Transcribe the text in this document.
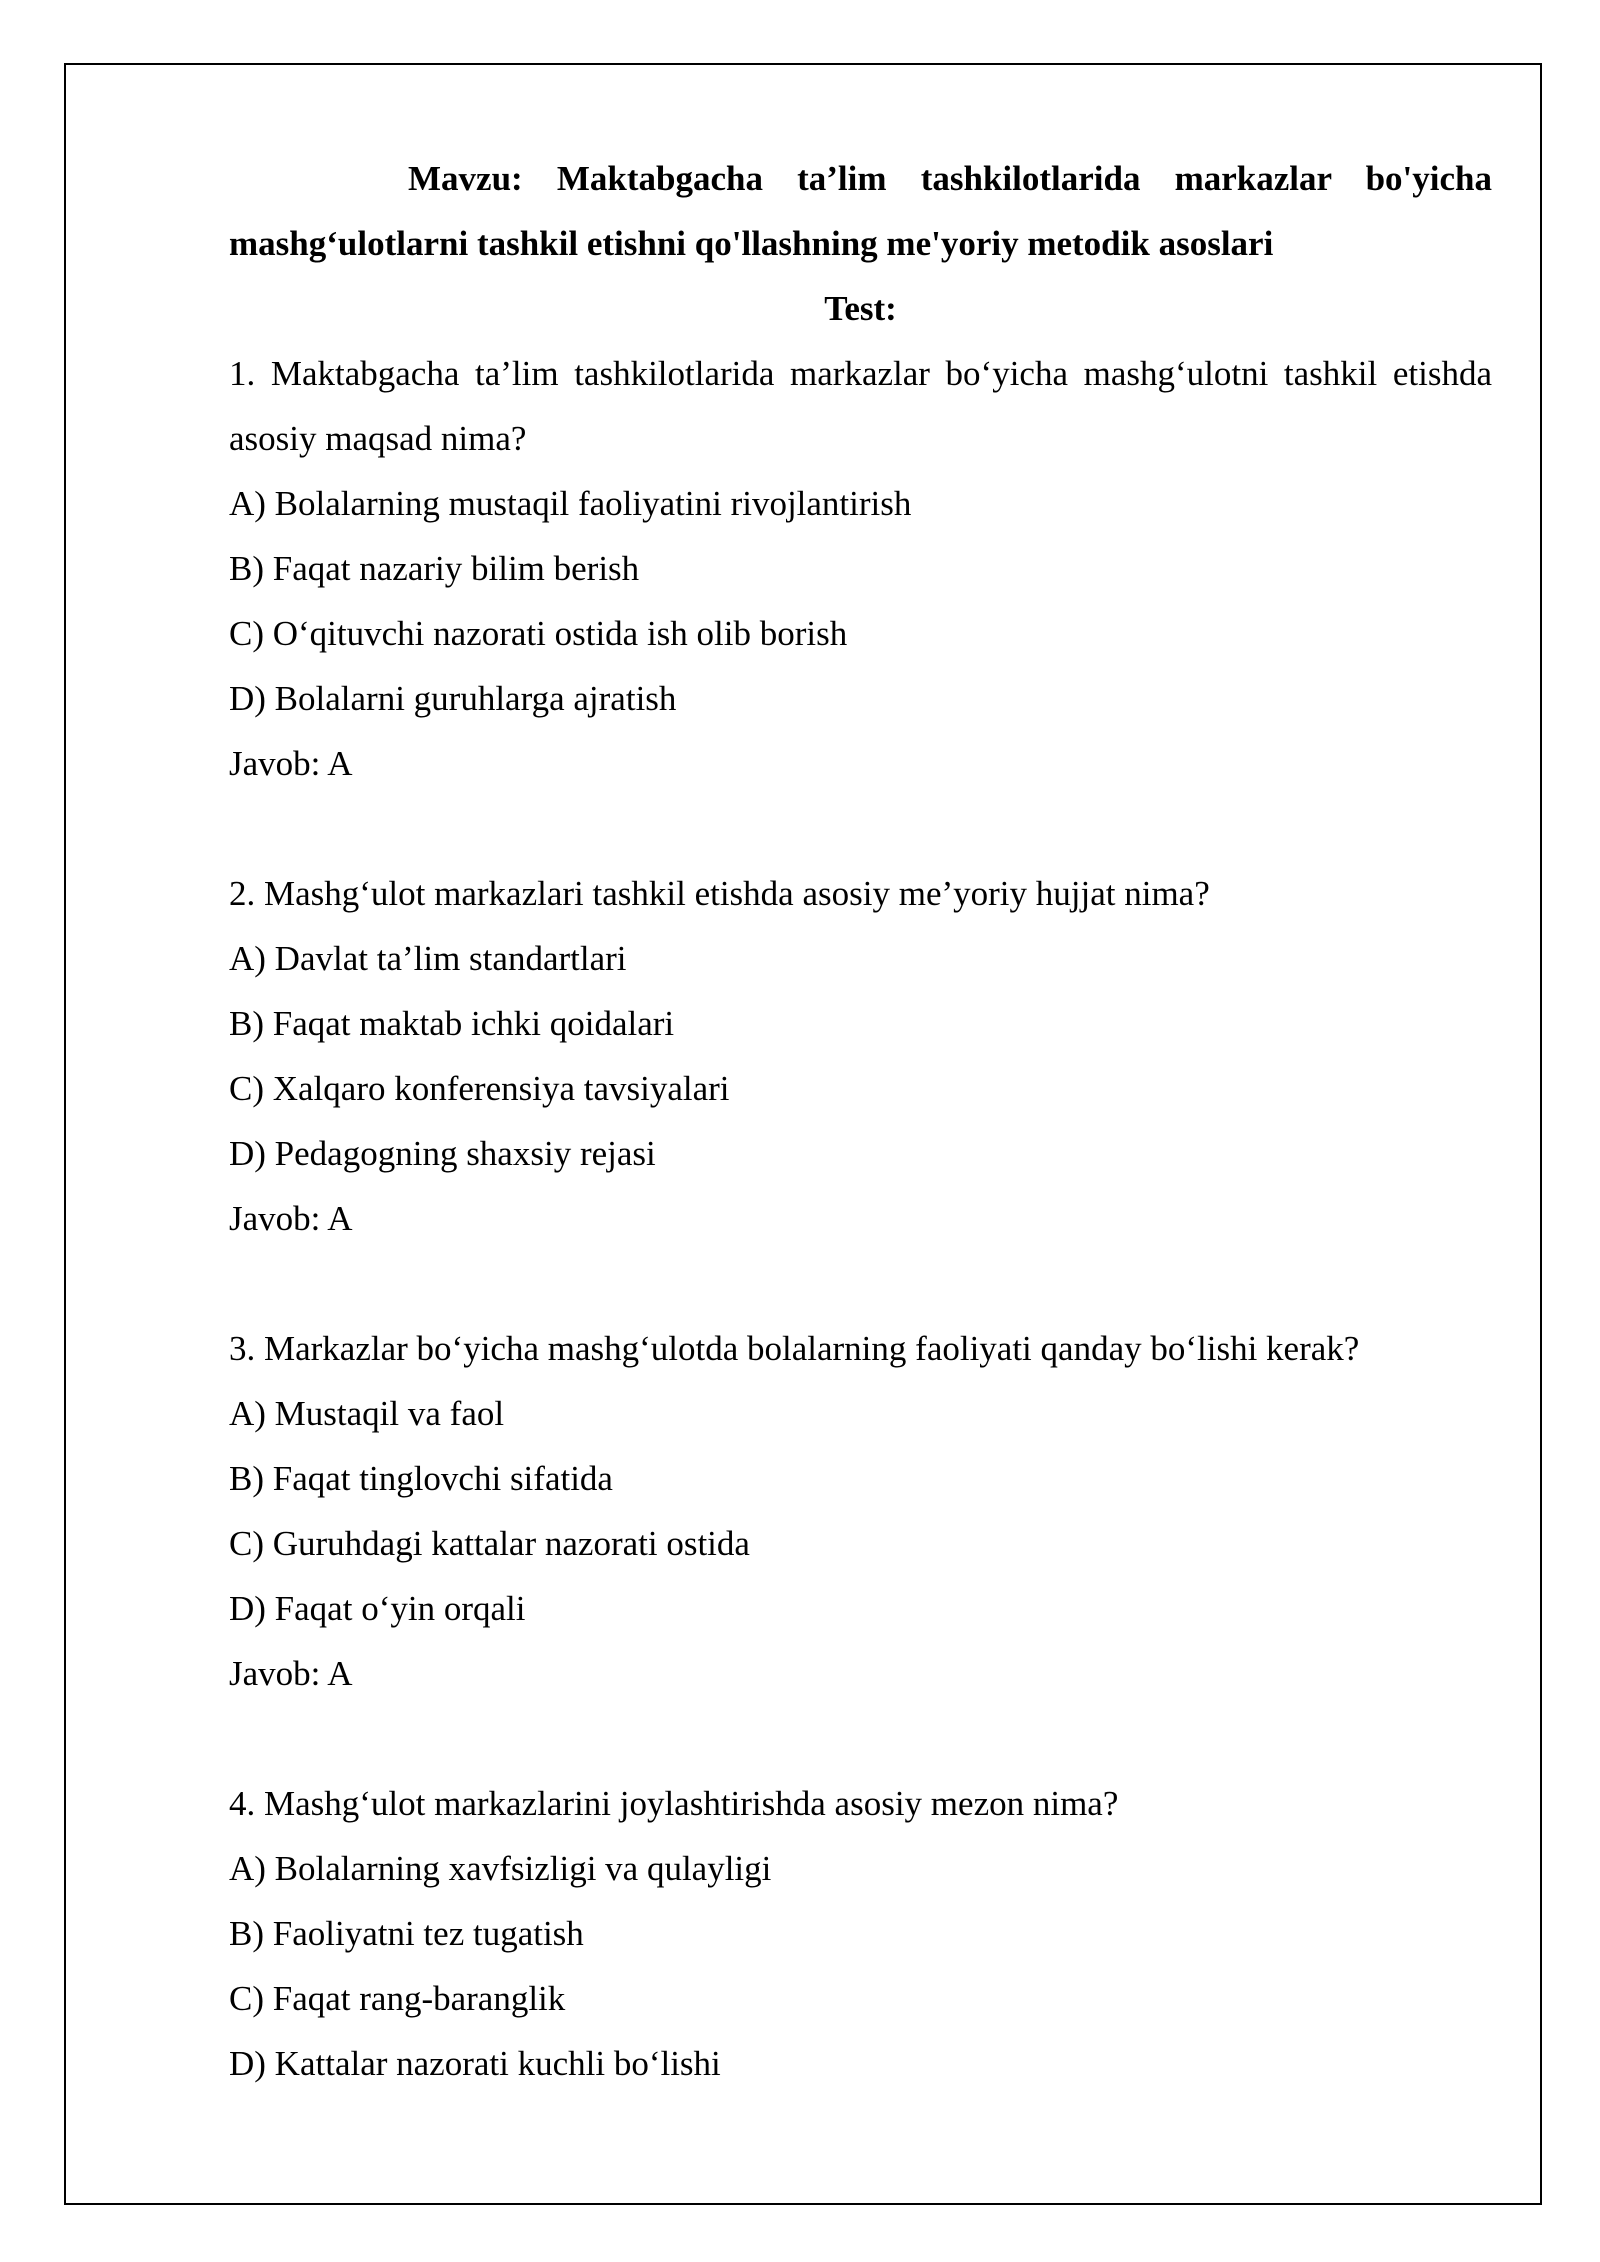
Mavzu: Maktabgacha ta’lim tashkilotlarida markazlar bo'yicha
mashg‘ulotlarni tashkil etishni qo'llashning me'yoriy metodik asoslari
Test:
1. Maktabgacha ta’lim tashkilotlarida markazlar bo‘yicha mashg‘ulotni tashkil etishda asosiy maqsad nima?
A) Bolalarning mustaqil faoliyatini rivojlantirish
B) Faqat nazariy bilim berish
C) O‘qituvchi nazorati ostida ish olib borish
D) Bolalarni guruhlarga ajratish
Javob: A
2. Mashg‘ulot markazlari tashkil etishda asosiy me’yoriy hujjat nima?
A) Davlat ta’lim standartlari
B) Faqat maktab ichki qoidalari
C) Xalqaro konferensiya tavsiyalari
D) Pedagogning shaxsiy rejasi
Javob: A
3. Markazlar bo‘yicha mashg‘ulotda bolalarning faoliyati qanday bo‘lishi kerak?
A) Mustaqil va faol
B) Faqat tinglovchi sifatida
C) Guruhdagi kattalar nazorati ostida
D) Faqat o‘yin orqali
Javob: A
4. Mashg‘ulot markazlarini joylashtirishda asosiy mezon nima?
A) Bolalarning xavfsizligi va qulayligi
B) Faoliyatni tez tugatish
C) Faqat rang-baranglik
D) Kattalar nazorati kuchli bo‘lishi
